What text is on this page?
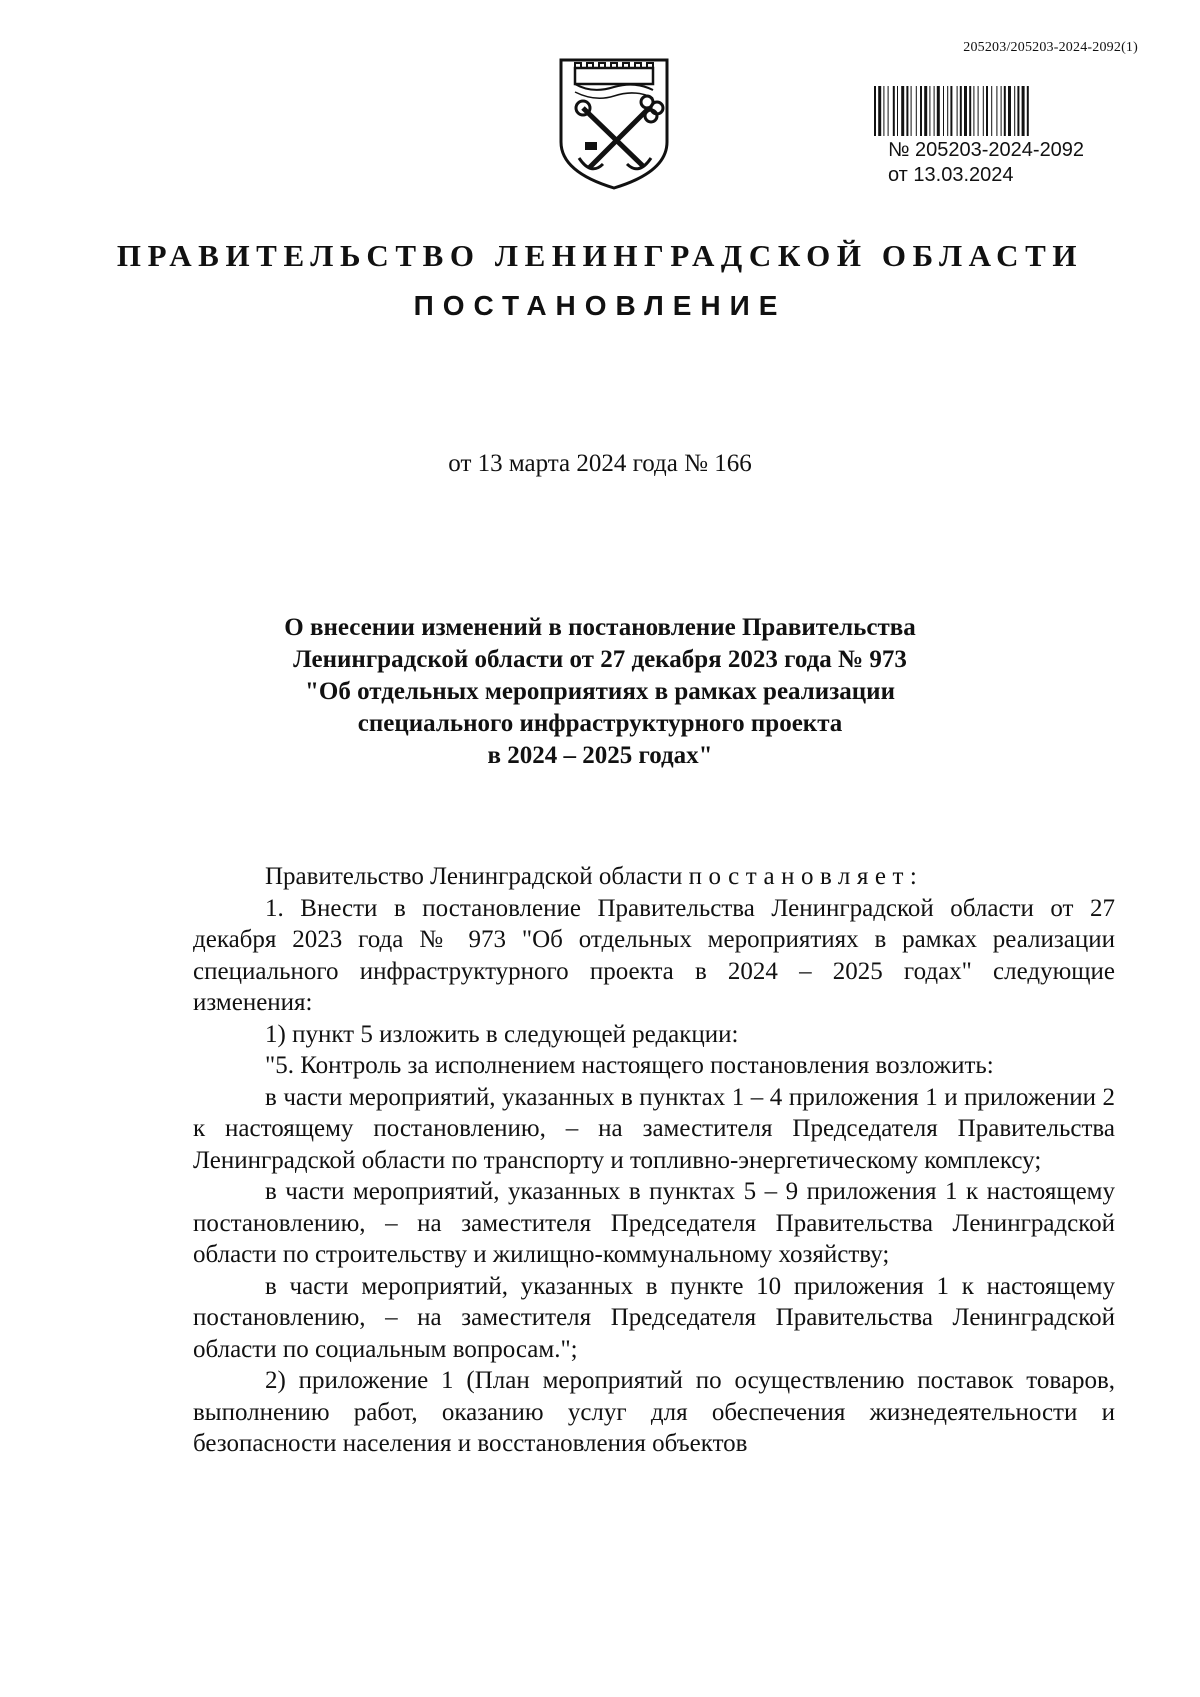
205203/205203-2024-2092(1)
№ 205203-2024-2092
от 13.03.2024
ПРАВИТЕЛЬСТВО ЛЕНИНГРАДСКОЙ ОБЛАСТИ
ПОСТАНОВЛЕНИЕ
от 13 марта 2024 года № 166
О внесении изменений в постановление Правительства
Ленинградской области от 27 декабря 2023 года № 973
"Об отдельных мероприятиях в рамках реализации
специального инфраструктурного проекта
в 2024 – 2025 годах"

Правительство Ленинградской области постановляет:

1. Внести в постановление Правительства Ленинградской области от 27 декабря 2023 года № 973 "Об отдельных мероприятиях в рамках реализации специального инфраструктурного проекта в 2024 – 2025 годах" следующие изменения:

1) пункт 5 изложить в следующей редакции:

"5. Контроль за исполнением настоящего постановления возложить:

в части мероприятий, указанных в пунктах 1 – 4 приложения 1 и приложении 2 к настоящему постановлению, – на заместителя Председателя Правительства Ленинградской области по транспорту и топливно-энергетическому комплексу;

в части мероприятий, указанных в пунктах 5 – 9 приложения 1 к настоящему постановлению, – на заместителя Председателя Правительства Ленинградской области по строительству и жилищно-коммунальному хозяйству;

в части мероприятий, указанных в пункте 10 приложения 1 к настоящему постановлению, – на заместителя Председателя Правительства Ленинградской области по социальным вопросам.";

2) приложение 1 (План мероприятий по осуществлению поставок товаров, выполнению работ, оказанию услуг для обеспечения жизнедеятельности и безопасности населения и восстановления объектов
